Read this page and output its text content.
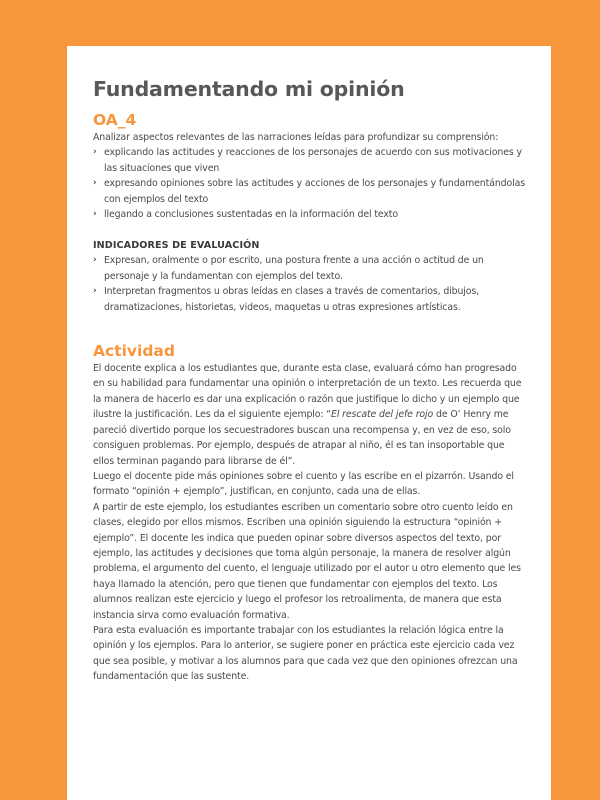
Fundamentando mi opinión
OA_4

Analizar aspectos relevantes de las narraciones leídas para profundizar su comprensión:

› explicando las actitudes y reacciones de los personajes de acuerdo con sus motivaciones y las situaciones que viven
› expresando opiniones sobre las actitudes y acciones de los personajes y fundamentándolas con ejemplos del texto
› llegando a conclusiones sustentadas en la información del texto
INDICADORES DE EVALUACIÓN
› Expresan, oralmente o por escrito, una postura frente a una acción o actitud de un personaje y la fundamentan con ejemplos del texto.
› Interpretan fragmentos u obras leídas en clases a través de comentarios, dibujos, dramatizaciones, historietas, videos, maquetas u otras expresiones artísticas.
Actividad

El docente explica a los estudiantes que, durante esta clase, evaluará cómo han progresado en su habilidad para fundamentar una opinión o interpretación de un texto. Les recuerda que la manera de hacerlo es dar una explicación o razón que justifique lo dicho y un ejemplo que ilustre la justificación. Les da el siguiente ejemplo: “El rescate del jefe rojo de O’ Henry me pareció divertido porque los secuestradores buscan una recompensa y, en vez de eso, solo consiguen problemas. Por ejemplo, después de atrapar al niño, él es tan insoportable que ellos terminan pagando para librarse de él”.

Luego el docente pide más opiniones sobre el cuento y las escribe en el pizarrón. Usando el formato “opinión + ejemplo”, justifican, en conjunto, cada una de ellas.

A partir de este ejemplo, los estudiantes escriben un comentario sobre otro cuento leído en clases, elegido por ellos mismos. Escriben una opinión siguiendo la estructura “opinión + ejemplo”. El docente les indica que pueden opinar sobre diversos aspectos del texto, por ejemplo, las actitudes y decisiones que toma algún personaje, la manera de resolver algún problema, el argumento del cuento, el lenguaje utilizado por el autor u otro elemento que les haya llamado la atención, pero que tienen que fundamentar con ejemplos del texto. Los alumnos realizan este ejercicio y luego el profesor los retroalimenta, de manera que esta instancia sirva como evaluación formativa.

Para esta evaluación es importante trabajar con los estudiantes la relación lógica entre la opinión y los ejemplos. Para lo anterior, se sugiere poner en práctica este ejercicio cada vez que sea posible, y motivar a los alumnos para que cada vez que den opiniones ofrezcan una fundamentación que las sustente.
